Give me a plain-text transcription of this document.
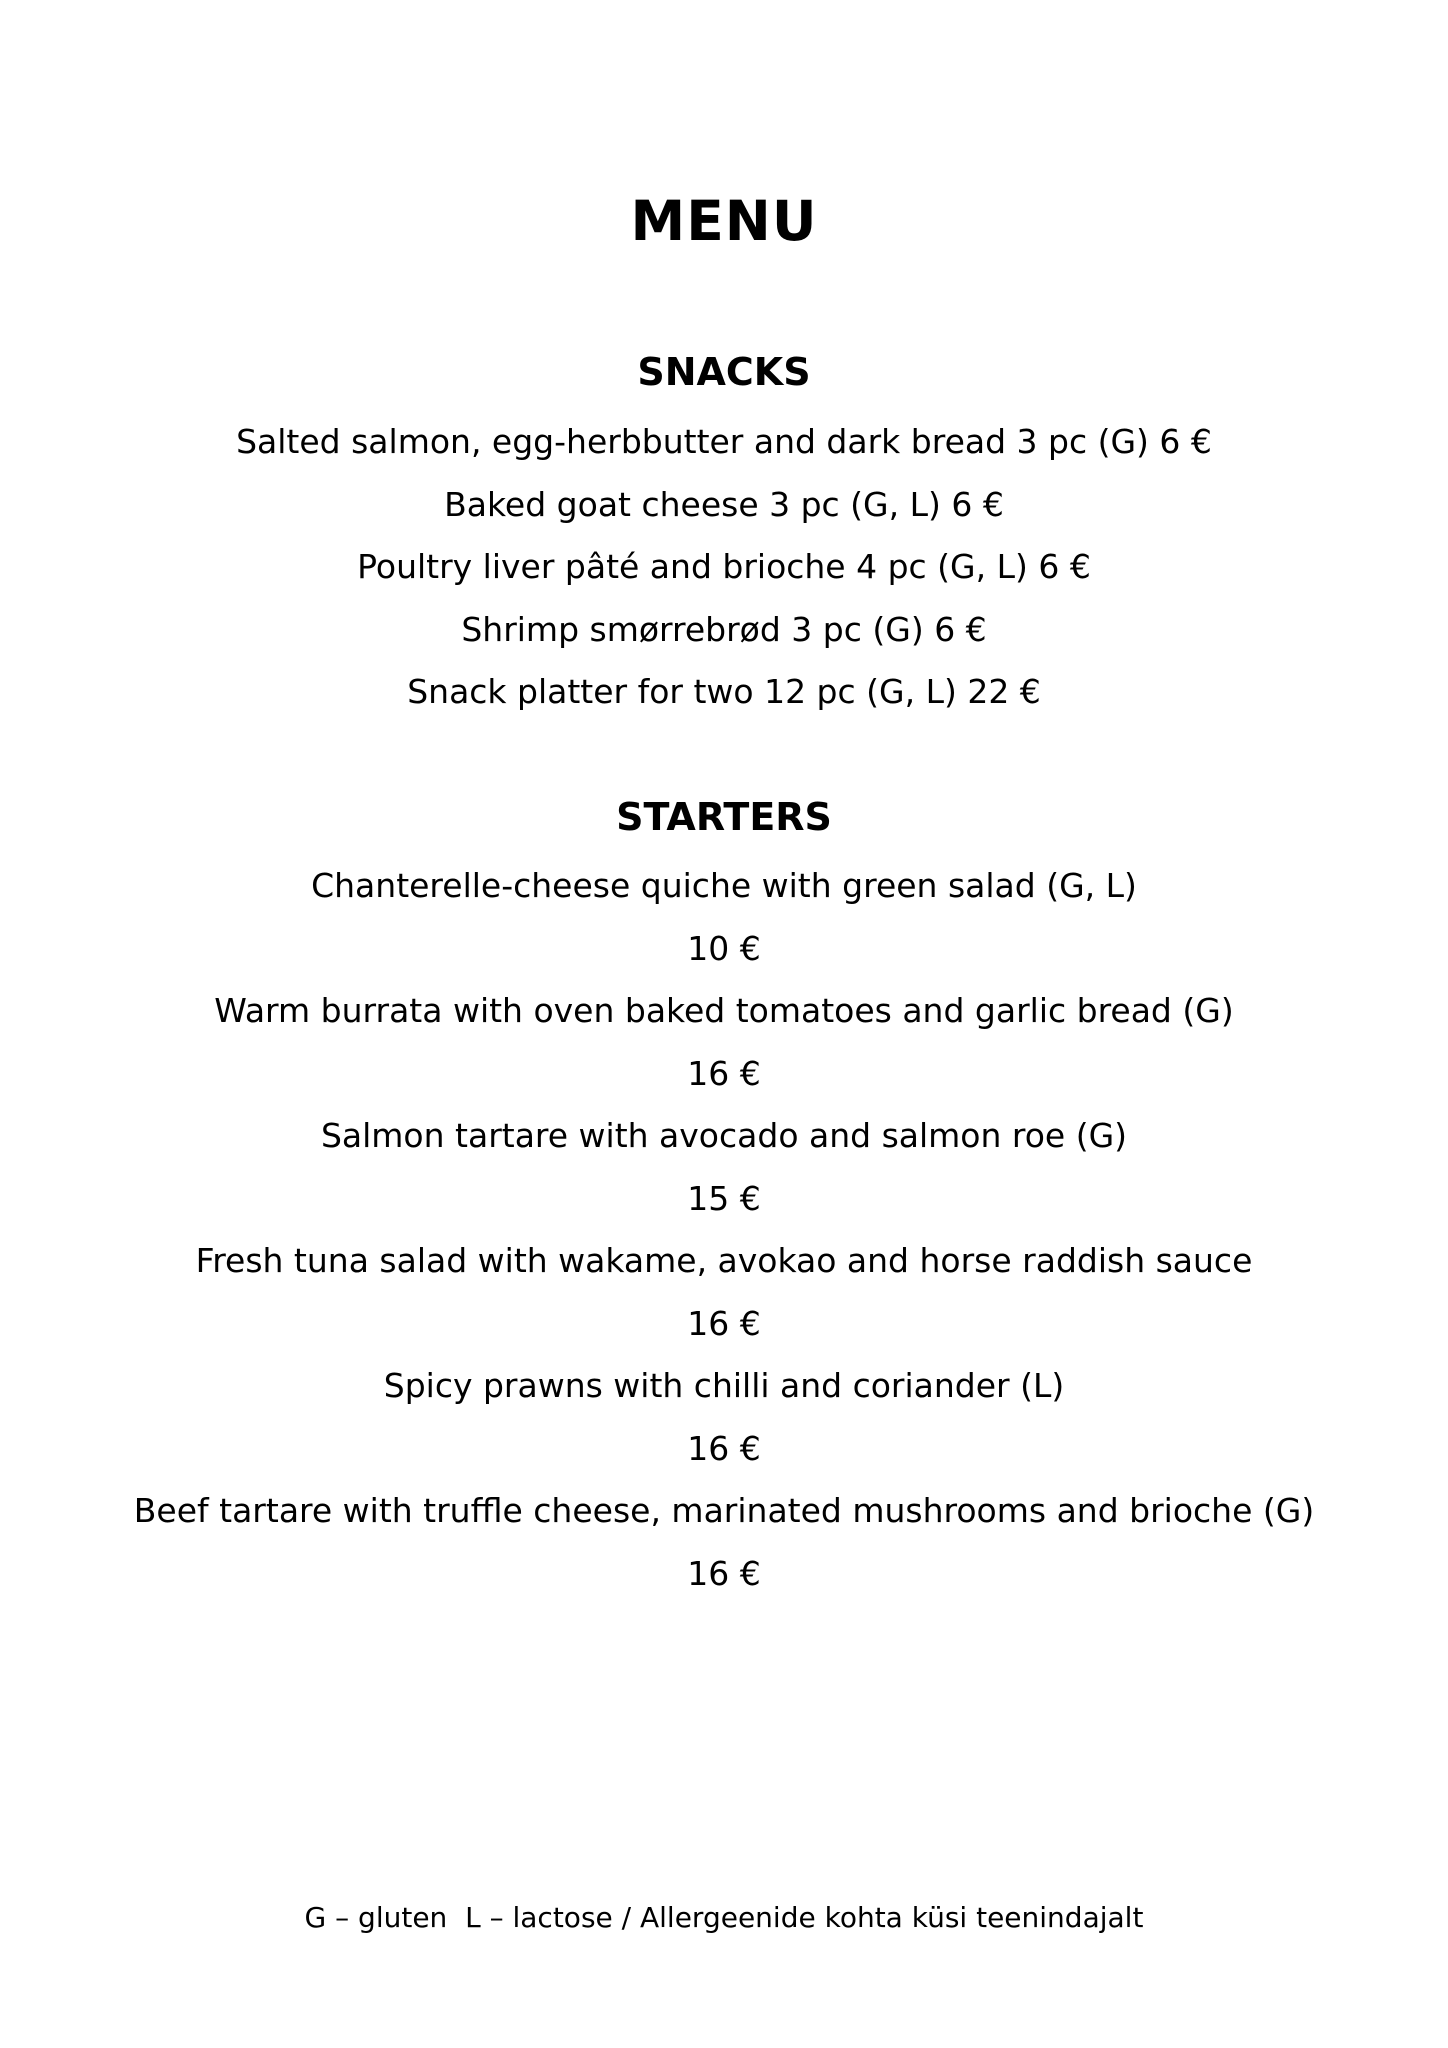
MENU
SNACKS
Salted salmon, egg-herbbutter and dark bread 3 pc (G) 6 €
Baked goat cheese 3 pc (G, L) 6 €
Poultry liver pâté and brioche 4 pc (G, L) 6 €
Shrimp smørrebrød 3 pc (G) 6 €
Snack platter for two 12 pc (G, L) 22 €
STARTERS
Chanterelle-cheese quiche with green salad (G, L)
10 €
Warm burrata with oven baked tomatoes and garlic bread (G)
16 €
Salmon tartare with avocado and salmon roe (G)
15 €
Fresh tuna salad with wakame, avokao and horse raddish sauce
16 €
Spicy prawns with chilli and coriander (L)
16 €
Beef tartare with truffle cheese, marinated mushrooms and brioche (G)
16 €
G – gluten  L – lactose / Allergeenide kohta küsi teenindajalt
